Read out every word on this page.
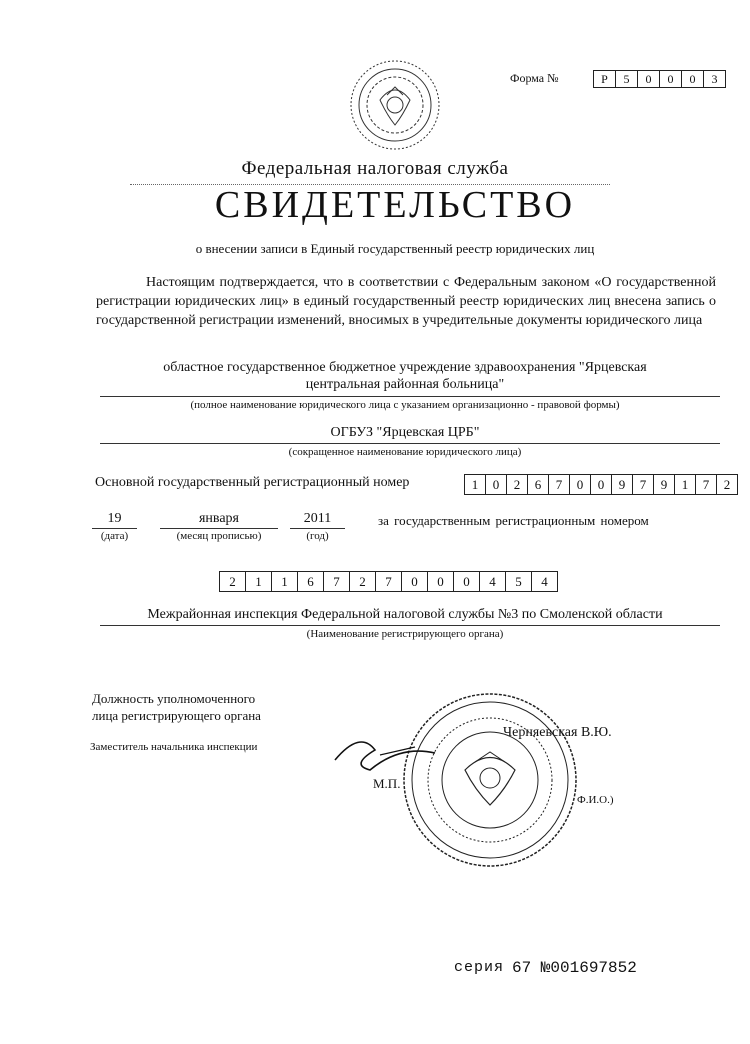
Форма №	Р	5	0	0	0	3
Федеральная налоговая служба
СВИДЕТЕЛЬСТВО
о внесении записи в Единый государственный реестр юридических лиц
Настоящим подтверждается, что в соответствии с Федеральным законом «О государственной регистрации юридических лиц» в единый государственный реестр юридических лиц внесена запись о государственной регистрации изменений, вносимых в учредительные документы юридического лица
областное государственное бюджетное учреждение здравоохранения "Ярцевская
центральная районная больница"
(полное наименование юридического лица с указанием организационно - правовой формы)
ОГБУЗ "Ярцевская ЦРБ"
(сокращенное наименование юридического лица)
Основной государственный регистрационный номер	1	0	2	6	7	0	0	9	7	9	1	7	2
19
(дата)
января
(месяц прописью)
2011
(год)
за государственным регистрационным номером
2	1	1	6	7	2	7	0	0	0	4	5	4
Межрайонная инспекция Федеральной налоговой службы №3 по Смоленской области
(Наименование регистрирующего органа)
Должность уполномоченного
лица регистрирующего органа
Заместитель начальника инспекции
Черняевская В.Ю.
М.П.
Ф.И.О.)
серия 67 №001697852
